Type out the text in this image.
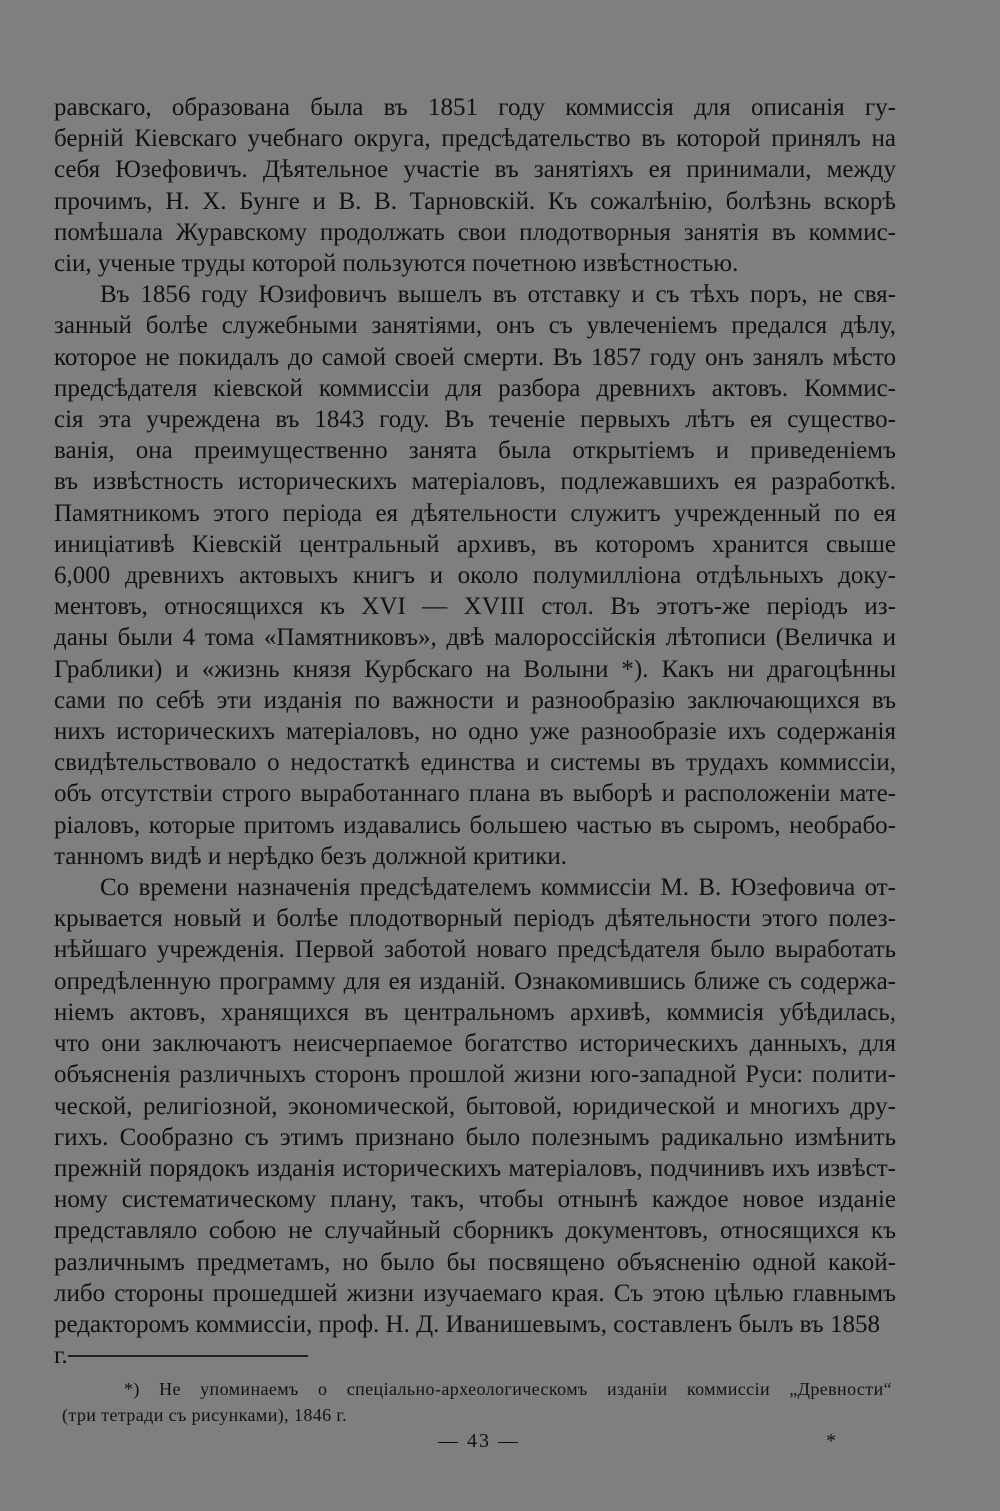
равскаго, образована была въ 1851 году коммиссія для описанія гу-
берній Кіевскаго учебнаго округа, предсѣдательство въ которой принялъ на
себя Юзефовичъ. Дѣятельное участіе въ занятіяхъ ея принимали, между
прочимъ, Н. Х. Бунге и В. В. Тарновскій. Къ сожалѣнію, болѣзнь вскорѣ
помѣшала Журавскому продолжать свои плодотворныя занятія въ коммис-
сіи, ученые труды которой пользуются почетною извѣстностью.
Въ 1856 году Юзифовичъ вышелъ въ отставку и съ тѣхъ поръ, не свя-
занный болѣе служебными занятіями, онъ съ увлеченіемъ предался дѣлу,
которое не покидалъ до самой своей смерти. Въ 1857 году онъ занялъ мѣсто
предсѣдателя кіевской коммиссіи для разбора древнихъ актовъ. Коммис-
сія эта учреждена въ 1843 году. Въ теченіе первыхъ лѣтъ ея существо-
ванія, она преимущественно занята была открытіемъ и приведеніемъ
въ извѣстность историческихъ матеріаловъ, подлежавшихъ ея разработкѣ.
Памятникомъ этого періода ея дѣятельности служитъ учрежденный по ея
иниціативѣ Кіевскій центральный архивъ, въ которомъ хранится свыше
6,000 древнихъ актовыхъ книгъ и около полумилліона отдѣльныхъ доку-
ментовъ, относящихся къ XVI — XVIII стол. Въ этотъ-же періодъ из-
даны были 4 тома «Памятниковъ», двѣ малороссійскія лѣтописи (Величка и
Граблики) и «жизнь князя Курбскаго на Волыни *). Какъ ни драгоцѣнны
сами по себѣ эти изданія по важности и разнообразію заключающихся въ
нихъ историческихъ матеріаловъ, но одно уже разнообразіе ихъ содержанія
свидѣтельствовало о недостаткѣ единства и системы въ трудахъ коммиссіи,
объ отсутствіи строго выработаннаго плана въ выборѣ и расположеніи мате-
ріаловъ, которые притомъ издавались большею частью въ сыромъ, необрабо-
танномъ видѣ и нерѣдко безъ должной критики.
Со времени назначенія предсѣдателемъ коммиссіи М. В. Юзефовича от-
крывается новый и болѣе плодотворный періодъ дѣятельности этого полез-
нѣйшаго учрежденія. Первой заботой новаго предсѣдателя было выработать
опредѣленную программу для ея изданій. Ознакомившись ближе съ содержа-
ніемъ актовъ, хранящихся въ центральномъ архивѣ, коммисія убѣдилась,
что они заключаютъ неисчерпаемое богатство историческихъ данныхъ, для
объясненія различныхъ сторонъ прошлой жизни юго-западной Руси: полити-
ческой, религіозной, экономической, бытовой, юридической и многихъ дру-
гихъ. Сообразно съ этимъ признано было полезнымъ радикально измѣнить
прежній порядокъ изданія историческихъ матеріаловъ, подчинивъ ихъ извѣст-
ному систематическому плану, такъ, чтобы отнынѣ каждое новое изданіе
представляло собою не случайный сборникъ документовъ, относящихся къ
различнымъ предметамъ, но было бы посвящено объясненію одной какой-
либо стороны прошедшей жизни изучаемаго края. Съ этою цѣлью главнымъ
редакторомъ коммиссіи, проф. Н. Д. Иванишевымъ, составленъ былъ въ 1858 г.
*) Не упоминаемъ о спеціально-археологическомъ изданіи коммиссіи „Древности“
(три тетради съ рисунками), 1846 г.
— 43 —	*
